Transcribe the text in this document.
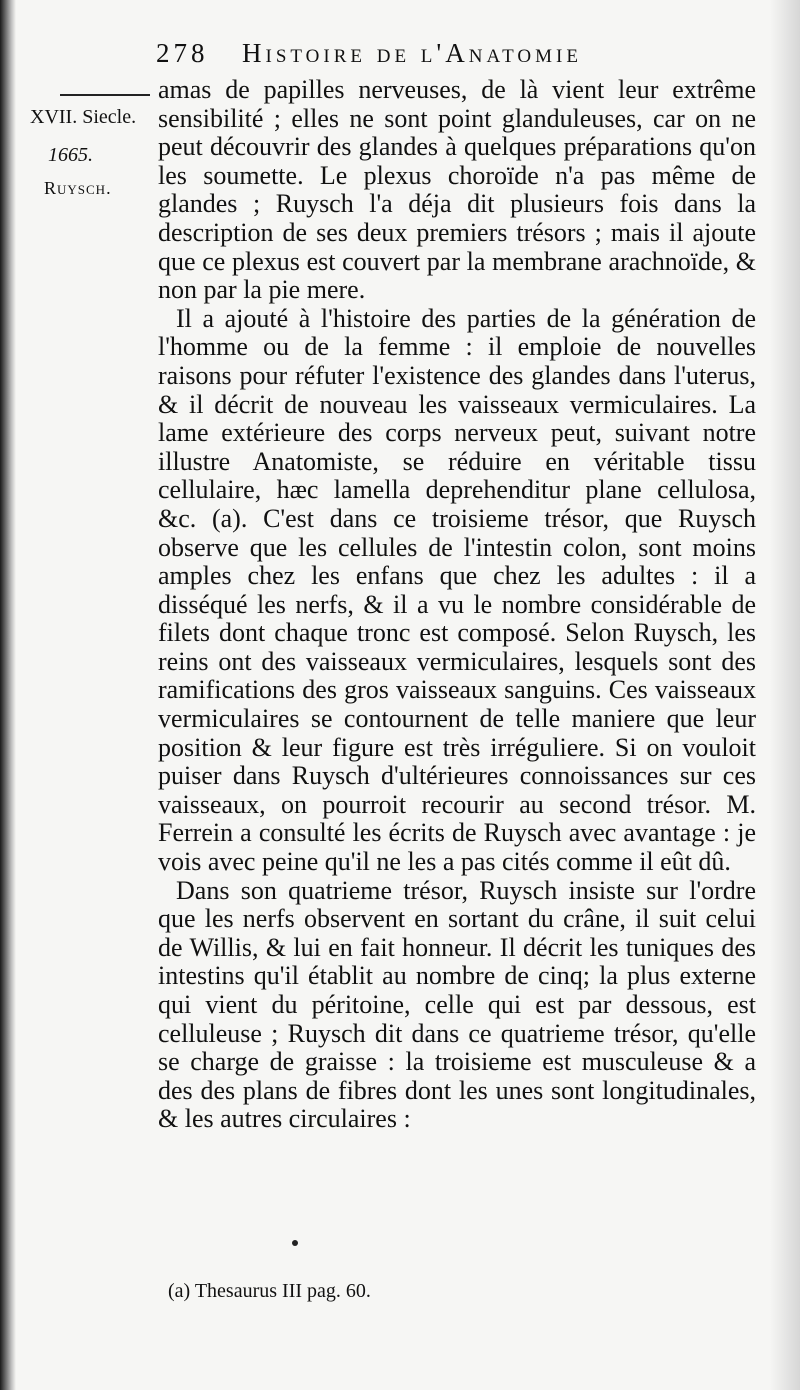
278 Histoire de l'Anatomie
XVII. Siecle.
1665.
Ruysch.

amas de papilles nerveuses, de là vient leur extrême sensibilité ; elles ne sont point glanduleuses, car on ne peut découvrir des glandes à quelques préparations qu'on les soumette. Le plexus choroïde n'a pas même de glandes ; Ruysch l'a déja dit plusieurs fois dans la description de ses deux premiers trésors ; mais il ajoute que ce plexus est couvert par la membrane arachnoïde, & non par la pie mere.

Il a ajouté à l'histoire des parties de la génération de l'homme ou de la femme : il emploie de nouvelles raisons pour réfuter l'existence des glandes dans l'uterus, & il décrit de nouveau les vaisseaux vermiculaires. La lame extérieure des corps nerveux peut, suivant notre illustre Anatomiste, se réduire en véritable tissu cellulaire, hæc lamella deprehenditur plane cellulosa, &c. (a). C'est dans ce troisieme trésor, que Ruysch observe que les cellules de l'intestin colon, sont moins amples chez les enfans que chez les adultes : il a disséqué les nerfs, & il a vu le nombre considérable de filets dont chaque tronc est composé. Selon Ruysch, les reins ont des vaisseaux vermiculaires, lesquels sont des ramifications des gros vaisseaux sanguins. Ces vaisseaux vermiculaires se contournent de telle maniere que leur position & leur figure est très irréguliere. Si on vouloit puiser dans Ruysch d'ultérieures connoissances sur ces vaisseaux, on pourroit recourir au second trésor. M. Ferrein a consulté les écrits de Ruysch avec avantage : je vois avec peine qu'il ne les a pas cités comme il eût dû.

Dans son quatrieme trésor, Ruysch insiste sur l'ordre que les nerfs observent en sortant du crâne, il suit celui de Willis, & lui en fait honneur. Il décrit les tuniques des intestins qu'il établit au nombre de cinq; la plus externe qui vient du péritoine, celle qui est par dessous, est celluleuse ; Ruysch dit dans ce quatrieme trésor, qu'elle se charge de graisse : la troisieme est musculeuse & a des des plans de fibres dont les unes sont longitudinales, & les autres circulaires :

(a) Thesaurus III pag. 60.
